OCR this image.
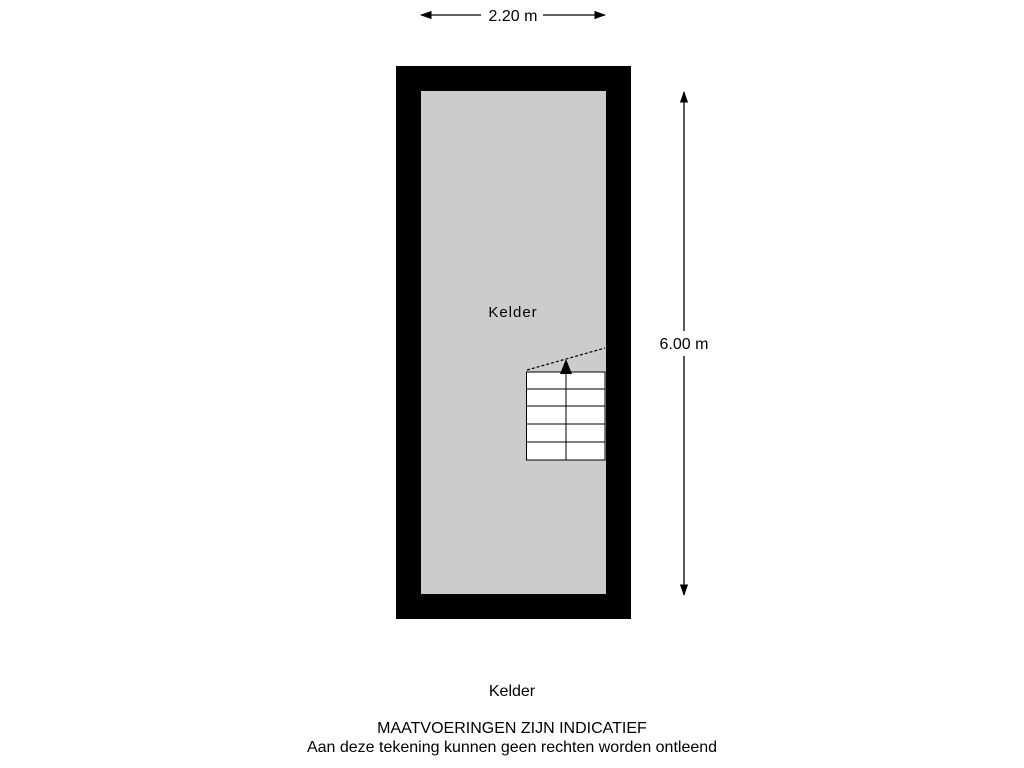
2.20 m
Kelder
6.00 m
Kelder
MAATVOERINGEN ZIJN INDICATIEF
Aan deze tekening kunnen geen rechten worden ontleend
